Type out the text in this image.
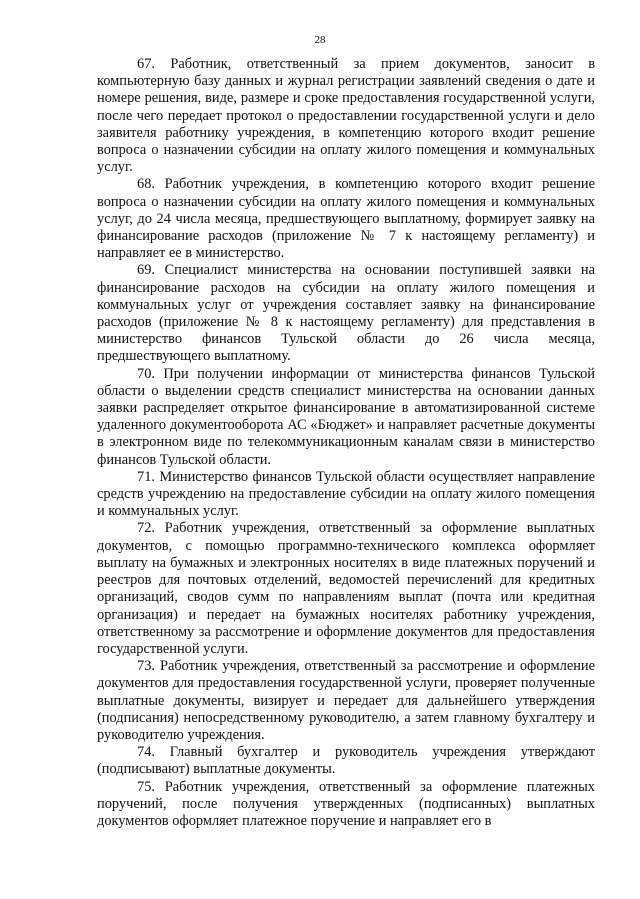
28

67. Работник, ответственный за прием документов, заносит в компьютерную базу данных и журнал регистрации заявлений сведения о дате и номере решения, виде, размере и сроке предоставления государственной услуги, после чего передает протокол о предоставлении государственной услуги и дело заявителя работнику учреждения, в компетенцию которого входит решение вопроса о назначении субсидии на оплату жилого помещения и коммунальных услуг.

68. Работник учреждения, в компетенцию которого входит решение вопроса о назначении субсидии на оплату жилого помещения и коммунальных услуг, до 24 числа месяца, предшествующего выплатному, формирует заявку на финансирование расходов (приложение № 7 к настоящему регламенту) и направляет ее в министерство.

69. Специалист министерства на основании поступившей заявки на финансирование расходов на субсидии на оплату жилого помещения и коммунальных услуг от учреждения составляет заявку на финансирование расходов (приложение № 8 к настоящему регламенту) для представления в министерство финансов Тульской области до 26 числа месяца, предшествующего выплатному.

70. При получении информации от министерства финансов Тульской области о выделении средств специалист министерства на основании данных заявки распределяет открытое финансирование в автоматизированной системе удаленного документооборота АС «Бюджет» и направляет расчетные документы в электронном виде по телекоммуникационным каналам связи в министерство финансов Тульской области.

71. Министерство финансов Тульской области осуществляет направление средств учреждению на предоставление субсидии на оплату жилого помещения и коммунальных услуг.

72. Работник учреждения, ответственный за оформление выплатных документов, с помощью программно-технического комплекса оформляет выплату на бумажных и электронных носителях в виде платежных поручений и реестров для почтовых отделений, ведомостей перечислений для кредитных организаций, сводов сумм по направлениям выплат (почта или кредитная организация) и передает на бумажных носителях работнику учреждения, ответственному за рассмотрение и оформление документов для предоставления государственной услуги.

73. Работник учреждения, ответственный за рассмотрение и оформление документов для предоставления государственной услуги, проверяет полученные выплатные документы, визирует и передает для дальнейшего утверждения (подписания) непосредственному руководителю, а затем главному бухгалтеру и руководителю учреждения.

74. Главный бухгалтер и руководитель учреждения утверждают (подписывают) выплатные документы.

75. Работник учреждения, ответственный за оформление платежных поручений, после получения утвержденных (подписанных) выплатных документов оформляет платежное поручение и направляет его в
